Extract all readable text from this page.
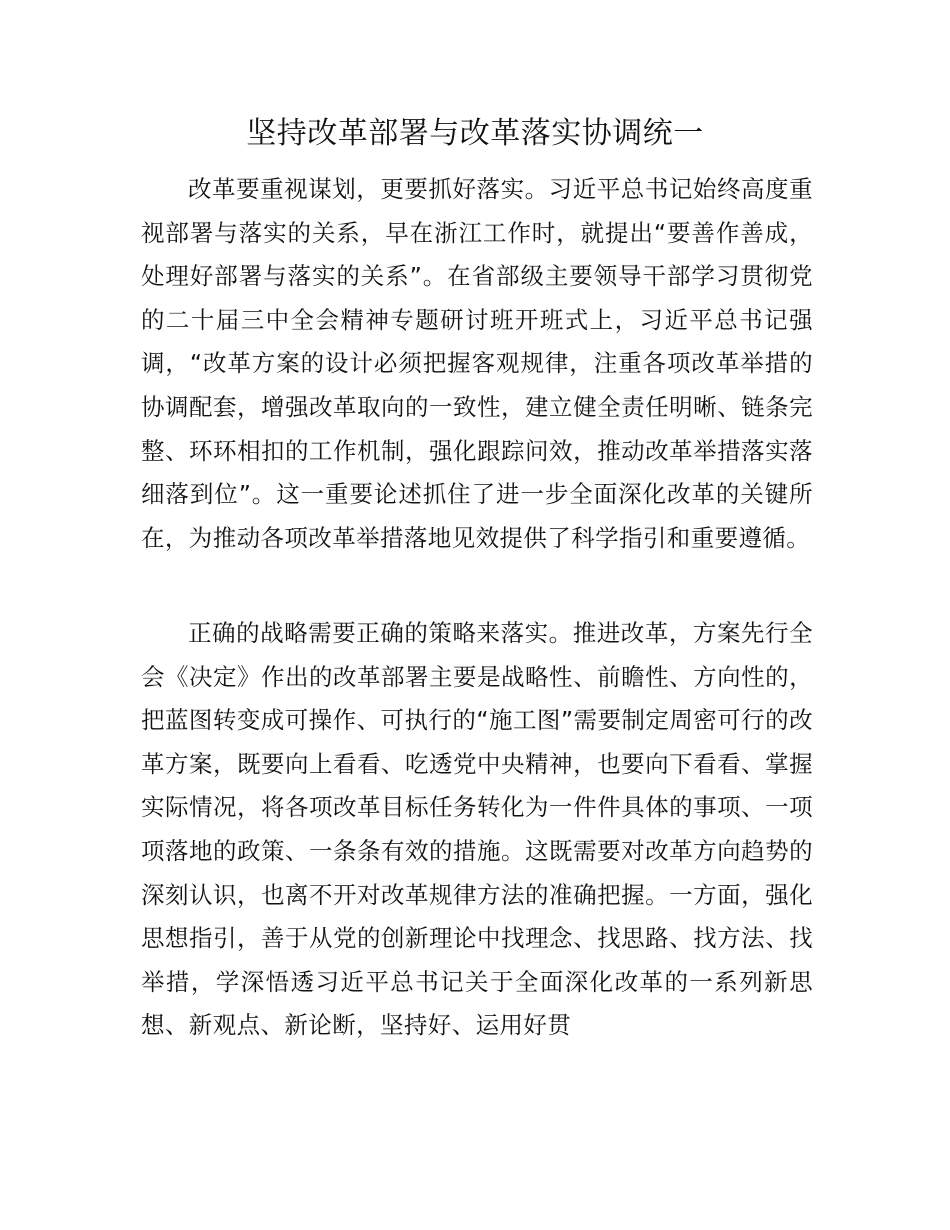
坚持改革部署与改革落实协调统一

改革要重视谋划，更要抓好落实。习近平总书记始终高度重视部署与落实的关系，早在浙江工作时，就提出“要善作善成，处理好部署与落实的关系”。在省部级主要领导干部学习贯彻党的二十届三中全会精神专题研讨班开班式上，习近平总书记强调，“改革方案的设计必须把握客观规律，注重各项改革举措的协调配套，增强改革取向的一致性，建立健全责任明晰、链条完整、环环相扣的工作机制，强化跟踪问效，推动改革举措落实落细落到位”。这一重要论述抓住了进一步全面深化改革的关键所在，为推动各项改革举措落地见效提供了科学指引和重要遵循。

正确的战略需要正确的策略来落实。推进改革，方案先行全会《决定》作出的改革部署主要是战略性、前瞻性、方向性的，把蓝图转变成可操作、可执行的“施工图”需要制定周密可行的改革方案，既要向上看看、吃透党中央精神，也要向下看看、掌握实际情况，将各项改革目标任务转化为一件件具体的事项、一项项落地的政策、一条条有效的措施。这既需要对改革方向趋势的深刻认识，也离不开对改革规律方法的准确把握。一方面，强化思想指引，善于从党的创新理论中找理念、找思路、找方法、找举措，学深悟透习近平总书记关于全面深化改革的一系列新思想、新观点、新论断，坚持好、运用好贯
